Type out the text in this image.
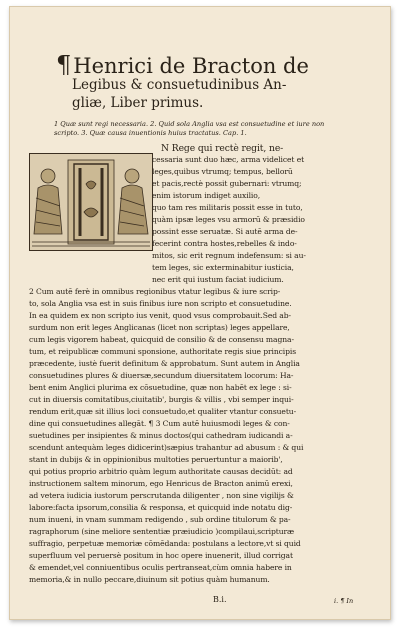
¶Henrici de Bracton de
Legibus & consuetudinibus An-
gliæ, Liber primus.
1 Quæ sunt regi necessaria. 2. Quid sola Anglia vsa est consuetudine et iure non
scripto. 3. Quæ causa inuentionis huius tractatus. Cap. 1.
N Rege qui rectè regit, ne-
cessaria sunt duo hæc, arma videlicet et
leges,quibus vtrumq; tempus, bellorū
et pacis,rectè possit gubernari: vtrumq;
enim istorum indiget auxilio,
quo tam res militaris possit esse in tuto,
quàm ipsæ leges vsu armorū & præsidio
possint esse seruatæ. Si autē arma de-
fecerint contra hostes,rebelles & indo-
mitos, sic erit regnum indefensum: si au-
tem leges, sic exterminabitur iusticia,
nec erit qui iustum faciat iudicium.
2 Cum autē ferè in omnibus regionibus vtatur legibus & iure scrip-
to, sola Anglia vsa est in suis finibus iure non scripto et consuetudine.
In ea quidem ex non scripto ius venit, quod vsus comprobauit.Sed ab-
surdum non erit leges Anglicanas (licet non scriptas) leges appellare,
cum legis vigorem habeat, quicquid de consilio & de consensu magna-
tum, et reipublicæ communi sponsione, authoritate regis siue principis
præcedente, iustè fuerit definitum & approbatum. Sunt autem in Anglia
consuetudines plures & diuersæ,secundum diuersitatem locorum: Ha-
bent enim Anglici plurima ex cōsuetudine, quæ non habēt ex lege : si-
cut in diuersis comitatibus,ciuitatib', burgis & villis , vbi semper inqui-
rendum erit,quæ sit illius loci consuetudo,et qualiter vtantur consuetu-
dine qui consuetudines allegāt. ¶ 3 Cum autē huiusmodi leges & con-
suetudines per insipientes & minus doctos(qui cathedram iudicandi a-
scendunt antequàm leges didicerint)sæpius trahantur ad abusum : & qui
stant in dubijs & in oppinionibus multoties peruertuntur a maiorib',
qui potius proprio arbitrio quàm legum authoritate causas decidūt: ad
instructionem saltem minorum, ego Henricus de Bracton animū erexi,
ad vetera iudicia iustorum perscrutanda diligenter , non sine vigilijs &
labore:facta ipsorum,consilia & responsa, et quicquid inde notatu dig-
num inueni, in vnam summam redigendo , sub ordine titulorum & pa-
ragraphorum (sine meliore sententiæ præiudicio )compilaui,scripturæ
suffragio, perpetuæ memoriæ cōmēdanda: postulans a lectore,vt si quid
superfluum vel peruersè positum in hoc opere inuenerit, illud corrigat
& emendet,vel conniuentibus oculis pertranseat,cùm omnia habere in
memoria,& in nullo peccare,diuinum sit potius quàm humanum.
B.i.	i. ¶ In
